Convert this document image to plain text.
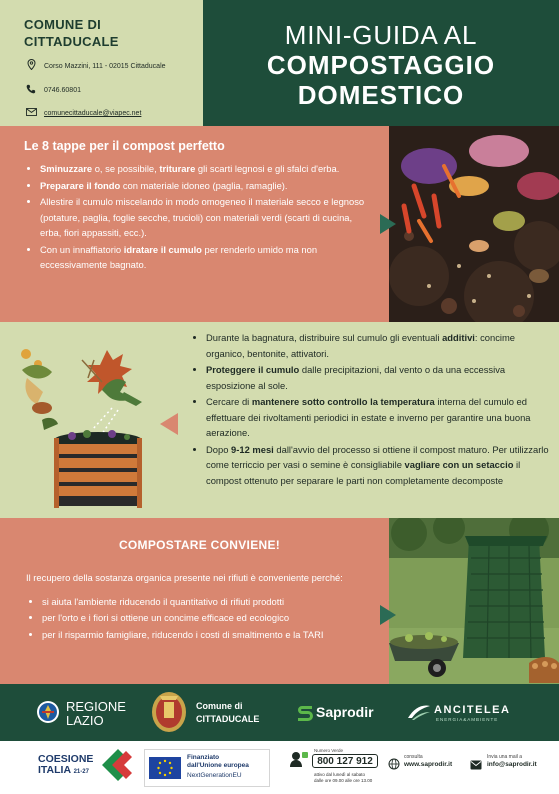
COMUNE DI
CITTADUCALE
Corso Mazzini, 111 - 02015 Cittaducale
0746.60801
comunecittaducale@viapec.net
MINI-GUIDA AL
COMPOSTAGGIO
DOMESTICO
Le 8 tappe per il compost perfetto
• Sminuzzare o, se possibile, triturare gli scarti legnosi e gli sfalci d'erba.
• Preparare il fondo con materiale idoneo (paglia, ramaglie).
• Allestire il cumulo miscelando in modo omogeneo il materiale secco e legnoso (potature, paglia, foglie secche, trucioli) con materiali verdi (scarti di cucina, erba, fiori appassiti, ecc.).
• Con un innaffiatorio idratare il cumulo per renderlo umido ma non eccessivamente bagnato.
• Durante la bagnatura, distribuire sul cumulo gli eventuali additivi: concime organico, bentonite, attivatori.
• Proteggere il cumulo dalle precipitazioni, dal vento o da una eccessiva esposizione al sole.
• Cercare di mantenere sotto controllo la temperatura interna del cumulo ed effettuare dei rivoltamenti periodici in estate e inverno per garantire una buona aerazione.
• Dopo 9-12 mesi dall'avvio del processo si ottiene il compost maturo. Per utilizzarlo come terriccio per vasi o semine è consigliabile vagliare con un setaccio il compost ottenuto per separare le parti non completamente decomposte
COMPOSTARE CONVIENE!
Il recupero della sostanza organica presente nei rifiuti è conveniente perché:
• si aiuta l'ambiente riducendo il quantitativo di rifiuti prodotti
• per l'orto e i fiori si ottiene un concime efficace ed ecologico
• per il risparmio famigliare, riducendo i costi di smaltimento e la TARI
REGIONE
LAZIO
Comune di
CITTADUCALE	Saprodir	ANCITELEA
ENERGIA&AMBIENTE
COESIONE
ITALIA 21-27
Finanziato
dall'Unione europea
NextGenerationEU
Numero Verde
800 127 912
attivo dal lunedì al sabato
dalle ore 09.00 alle ore 13.00
consulta
www.saprodir.it
Invia una mail a
info@saprodir.it
